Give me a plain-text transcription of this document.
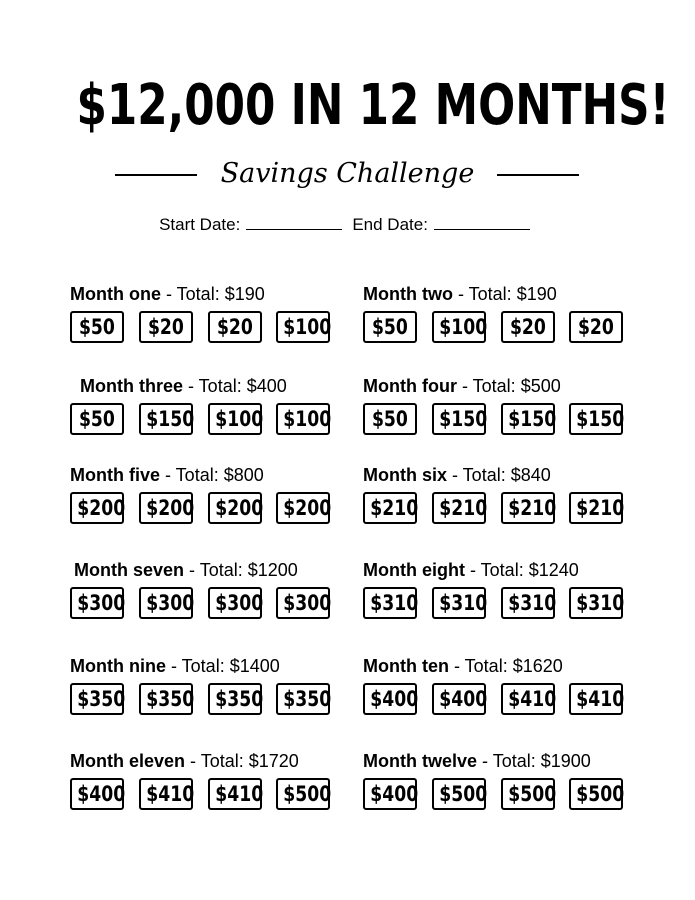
$12,000 IN 12 MONTHS!
Savings Challenge
Start Date:	End Date:
Month one - Total: $190
$50	$20	$20	$100
Month two - Total: $190
$50	$100	$20	$20
Month three - Total: $400
$50	$150	$100 $100
Month four - Total: $500
$50	$150	$150 $150
Month five - Total: $800
$200	$200	$200 $200
Month six - Total: $840
$210	$210	$210 $210
Month seven - Total: $1200
$300	$300	$300 $300
Month eight - Total: $1240
$310	$310	$310 $310
Month nine - Total: $1400
$350	$350	$350 $350
Month ten - Total: $1620
$400	$400	$410 $410
Month eleven - Total: $1720
$400	$410	$410 $500
Month twelve - Total: $1900
$400	$500	$500 $500
